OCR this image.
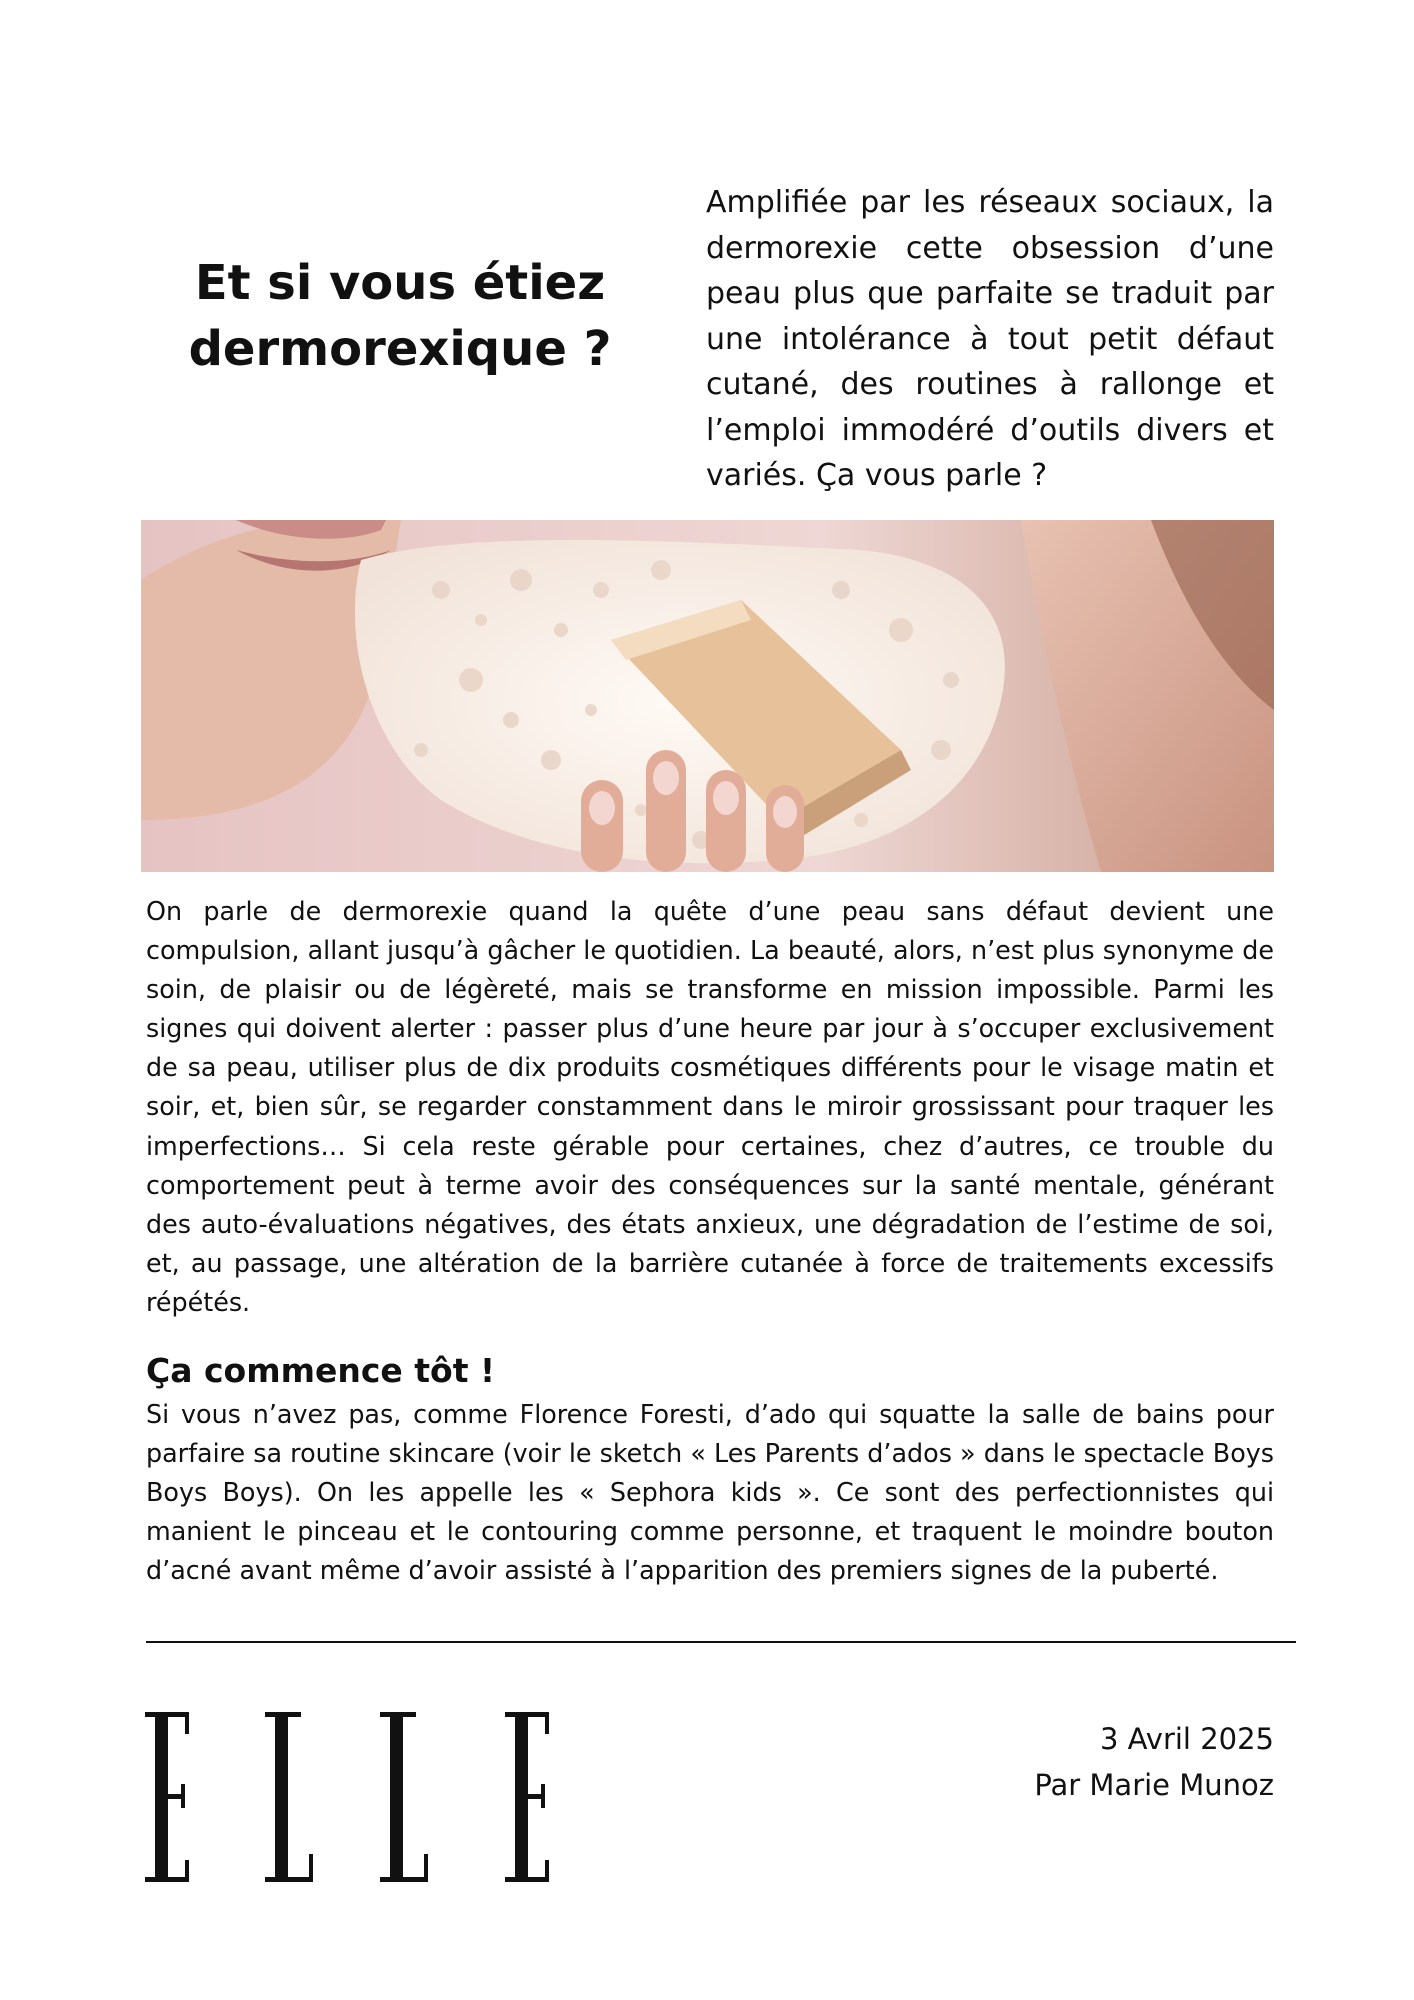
Et si vous étiez
dermorexique ?

Amplifiée par les réseaux sociaux, la dermorexie cette obsession d’une peau plus que parfaite se traduit par une intolérance à tout petit défaut cutané, des routines à rallonge et l’emploi immodéré d’outils divers et variés. Ça vous parle ?

On parle de dermorexie quand la quête d’une peau sans défaut devient une compulsion, allant jusqu’à gâcher le quotidien. La beauté, alors, n’est plus synonyme de soin, de plaisir ou de légèreté, mais se transforme en mission impossible. Parmi les signes qui doivent alerter : passer plus d’une heure par jour à s’occuper exclusivement de sa peau, utiliser plus de dix produits cosmétiques différents pour le visage matin et soir, et, bien sûr, se regarder constamment dans le miroir grossissant pour traquer les imperfections… Si cela reste gérable pour certaines, chez d’autres, ce trouble du comportement peut à terme avoir des conséquences sur la santé mentale, générant des auto-évaluations négatives, des états anxieux, une dégradation de l’estime de soi, et, au passage, une altération de la barrière cutanée à force de traitements excessifs répétés.

Ça commence tôt !

Si vous n’avez pas, comme Florence Foresti, d’ado qui squatte la salle de bains pour parfaire sa routine skincare (voir le sketch « Les Parents d’ados » dans le spectacle Boys Boys Boys). On les appelle les « Sephora kids ». Ce sont des perfectionnistes qui manient le pinceau et le contouring comme personne, et traquent le moindre bouton d’acné avant même d’avoir assisté à l’apparition des premiers signes de la puberté.

3 Avril 2025
Par Marie Munoz
